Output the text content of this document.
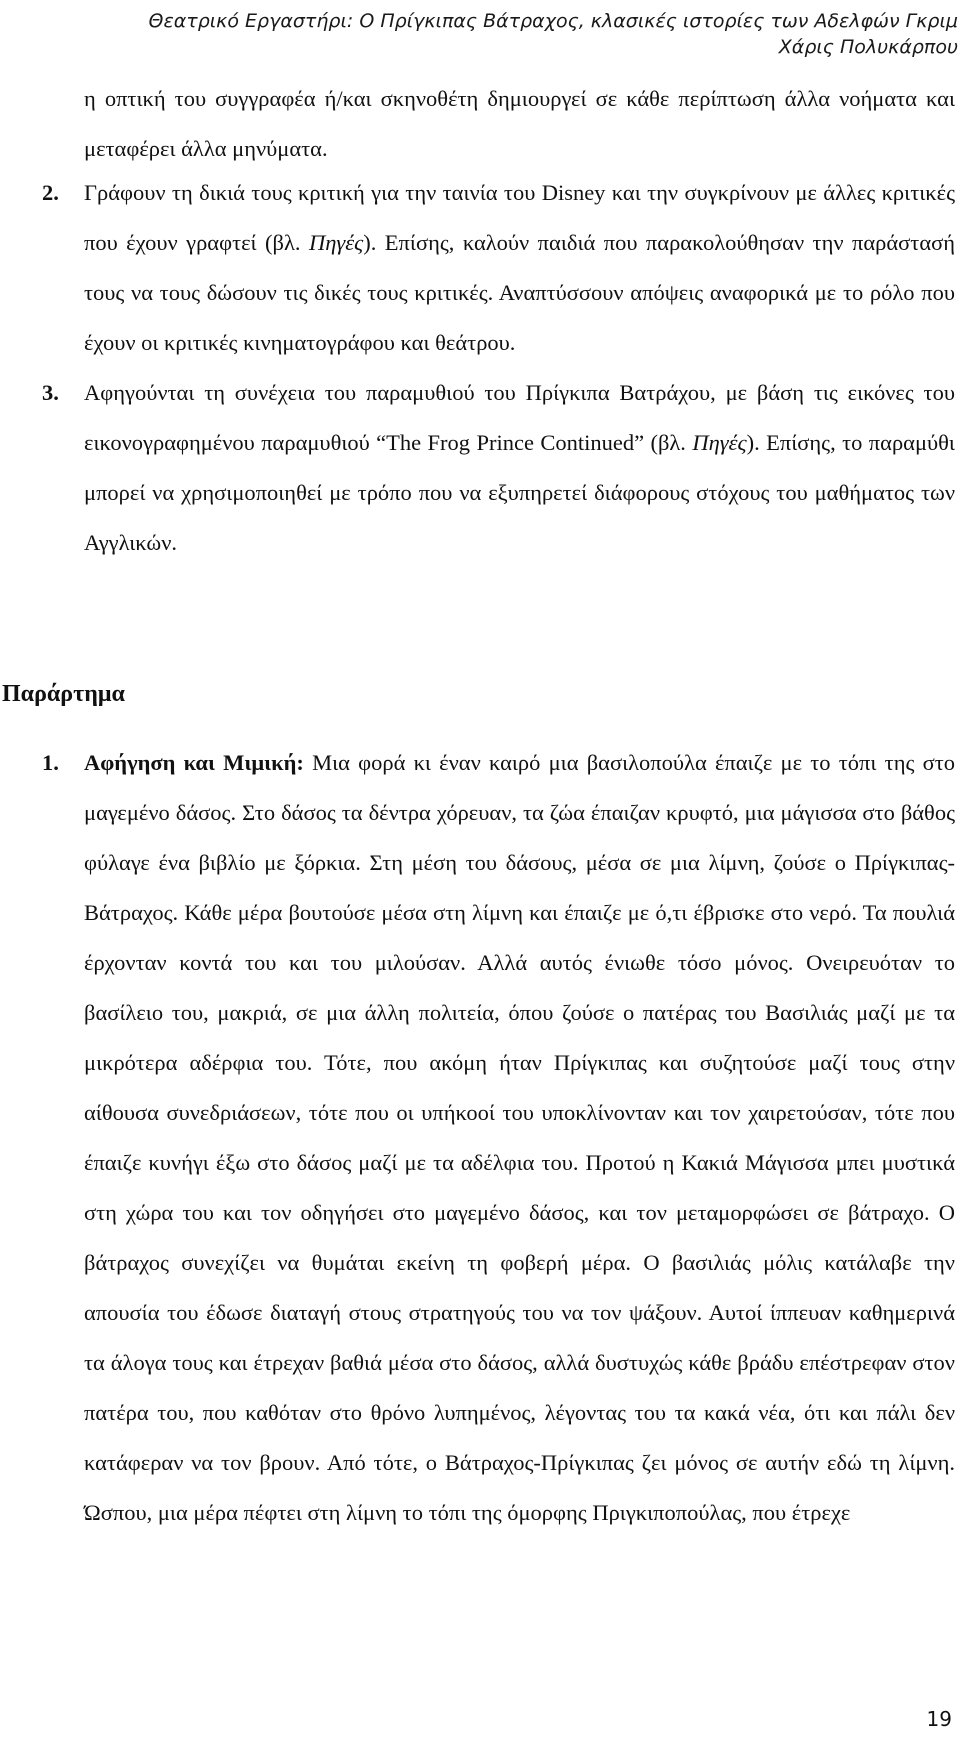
Θεατρικό Εργαστήρι: Ο Πρίγκιπας Βάτραχος, κλασικές ιστορίες των Αδελφών Γκριμ
Χάρις Πολυκάρπου

η οπτική του συγγραφέα ή/και σκηνοθέτη δημιουργεί σε κάθε περίπτωση άλλα νοήματα και μεταφέρει άλλα μηνύματα.

2. Γράφουν τη δικιά τους κριτική για την ταινία του Disney και την συγκρίνουν με άλλες κριτικές που έχουν γραφτεί (βλ. Πηγές). Επίσης, καλούν παιδιά που παρακολούθησαν την παράστασή τους να τους δώσουν τις δικές τους κριτικές. Αναπτύσσουν απόψεις αναφορικά με το ρόλο που έχουν οι κριτικές κινηματογράφου και θεάτρου.

3. Αφηγούνται τη συνέχεια του παραμυθιού του Πρίγκιπα Βατράχου, με βάση τις εικόνες του εικονογραφημένου παραμυθιού “The Frog Prince Continued” (βλ. Πηγές). Επίσης, το παραμύθι μπορεί να χρησιμοποιηθεί με τρόπο που να εξυπηρετεί διάφορους στόχους του μαθήματος των Αγγλικών.

Παράρτημα
1. Αφήγηση και Μιμική: Μια φορά κι έναν καιρό μια βασιλοπούλα έπαιζε με το τόπι της στο μαγεμένο δάσος. Στο δάσος τα δέντρα χόρευαν, τα ζώα έπαιζαν κρυφτό, μια μάγισσα στο βάθος φύλαγε ένα βιβλίο με ξόρκια. Στη μέση του δάσους, μέσα σε μια λίμνη, ζούσε ο Πρίγκιπας-Βάτραχος. Κάθε μέρα βουτούσε μέσα στη λίμνη και έπαιζε με ό,τι έβρισκε στο νερό. Τα πουλιά έρχονταν κοντά του και του μιλούσαν. Αλλά αυτός ένιωθε τόσο μόνος. Ονειρευόταν το βασίλειο του, μακριά, σε μια άλλη πολιτεία, όπου ζούσε ο πατέρας του Βασιλιάς μαζί με τα μικρότερα αδέρφια του. Τότε, που ακόμη ήταν Πρίγκιπας και συζητούσε μαζί τους στην αίθουσα συνεδριάσεων, τότε που οι υπήκοοί του υποκλίνονταν και τον χαιρετούσαν, τότε που έπαιζε κυνήγι έξω στο δάσος μαζί με τα αδέλφια του. Προτού η Κακιά Μάγισσα μπει μυστικά στη χώρα του και τον οδηγήσει στο μαγεμένο δάσος, και τον μεταμορφώσει σε βάτραχο. Ο βάτραχος συνεχίζει να θυμάται εκείνη τη φοβερή μέρα. Ο βασιλιάς μόλις κατάλαβε την απουσία του έδωσε διαταγή στους στρατηγούς του να τον ψάξουν. Αυτοί ίππευαν καθημερινά τα άλογα τους και έτρεχαν βαθιά μέσα στο δάσος, αλλά δυστυχώς κάθε βράδυ επέστρεφαν στον πατέρα του, που καθόταν στο θρόνο λυπημένος, λέγοντας του τα κακά νέα, ότι και πάλι δεν κατάφεραν να τον βρουν. Από τότε, ο Βάτραχος-Πρίγκιπας ζει μόνος σε αυτήν εδώ τη λίμνη. Ώσπου, μια μέρα πέφτει στη λίμνη το τόπι της όμορφης Πριγκιποπούλας, που έτρεχε

19
